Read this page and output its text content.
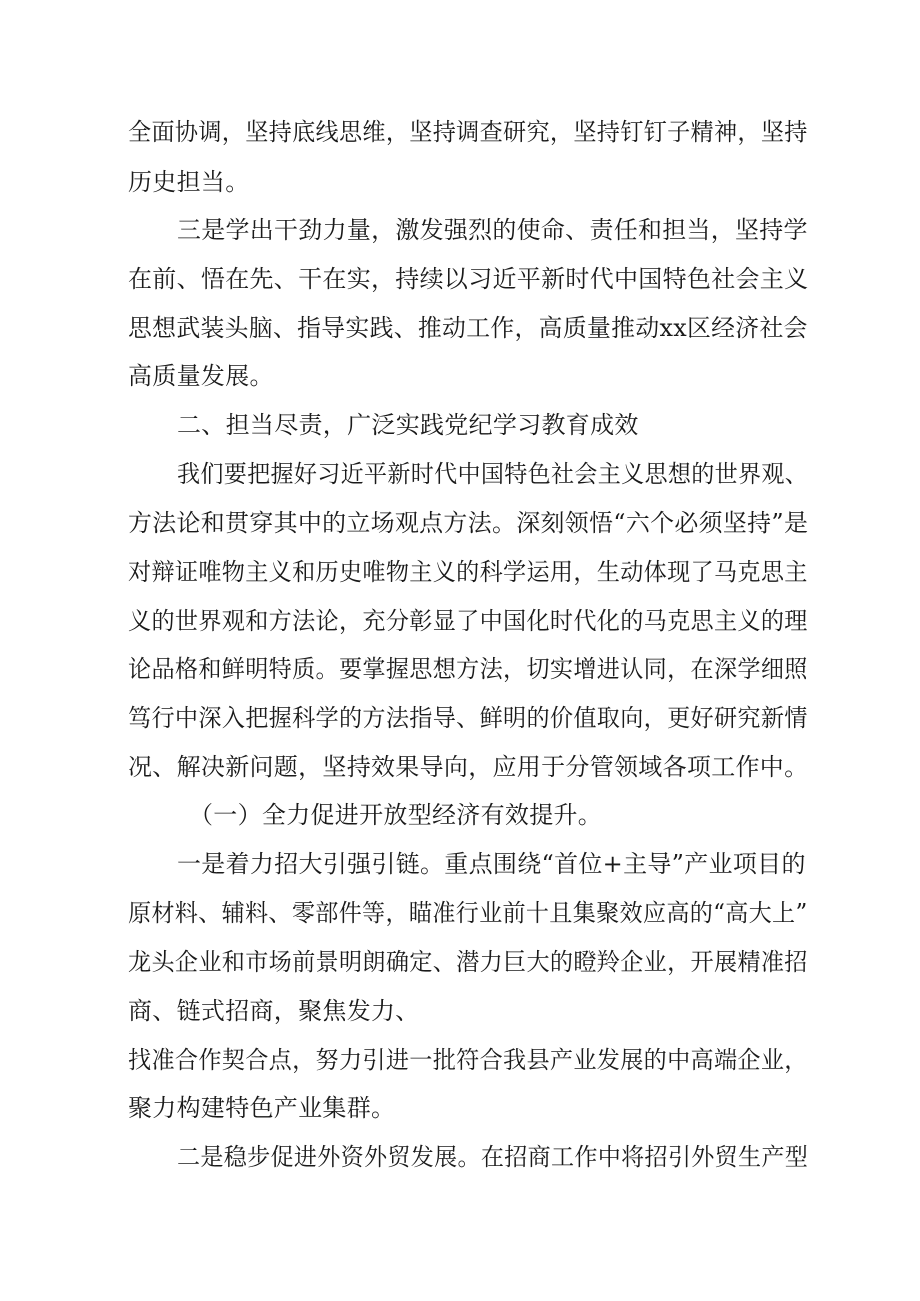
全面协调，坚持底线思维，坚持调查研究，坚持钉钉子精神，坚持
历史担当。
三是学出干劲力量，激发强烈的使命、责任和担当，坚持学
在前、悟在先、干在实，持续以习近平新时代中国特色社会主义
思想武装头脑、指导实践、推动工作，高质量推动xx区经济社会
高质量发展。
二、担当尽责，广泛实践党纪学习教育成效
我们要把握好习近平新时代中国特色社会主义思想的世界观、
方法论和贯穿其中的立场观点方法。深刻领悟“六个必须坚持”是
对辩证唯物主义和历史唯物主义的科学运用，生动体现了马克思主
义的世界观和方法论，充分彰显了中国化时代化的马克思主义的理
论品格和鲜明特质。要掌握思想方法，切实增进认同，在深学细照
笃行中深入把握科学的方法指导、鲜明的价值取向，更好研究新情
况、解决新问题，坚持效果导向，应用于分管领域各项工作中。
（一）全力促进开放型经济有效提升。
一是着力招大引强引链。重点围绕“首位+主导”产业项目的
原材料、辅料、零部件等，瞄准行业前十且集聚效应高的“高大上”
龙头企业和市场前景明朗确定、潜力巨大的瞪羚企业，开展精准招
商、链式招商，聚焦发力、
找准合作契合点，努力引进一批符合我县产业发展的中高端企业，
聚力构建特色产业集群。
二是稳步促进外资外贸发展。在招商工作中将招引外贸生产型
